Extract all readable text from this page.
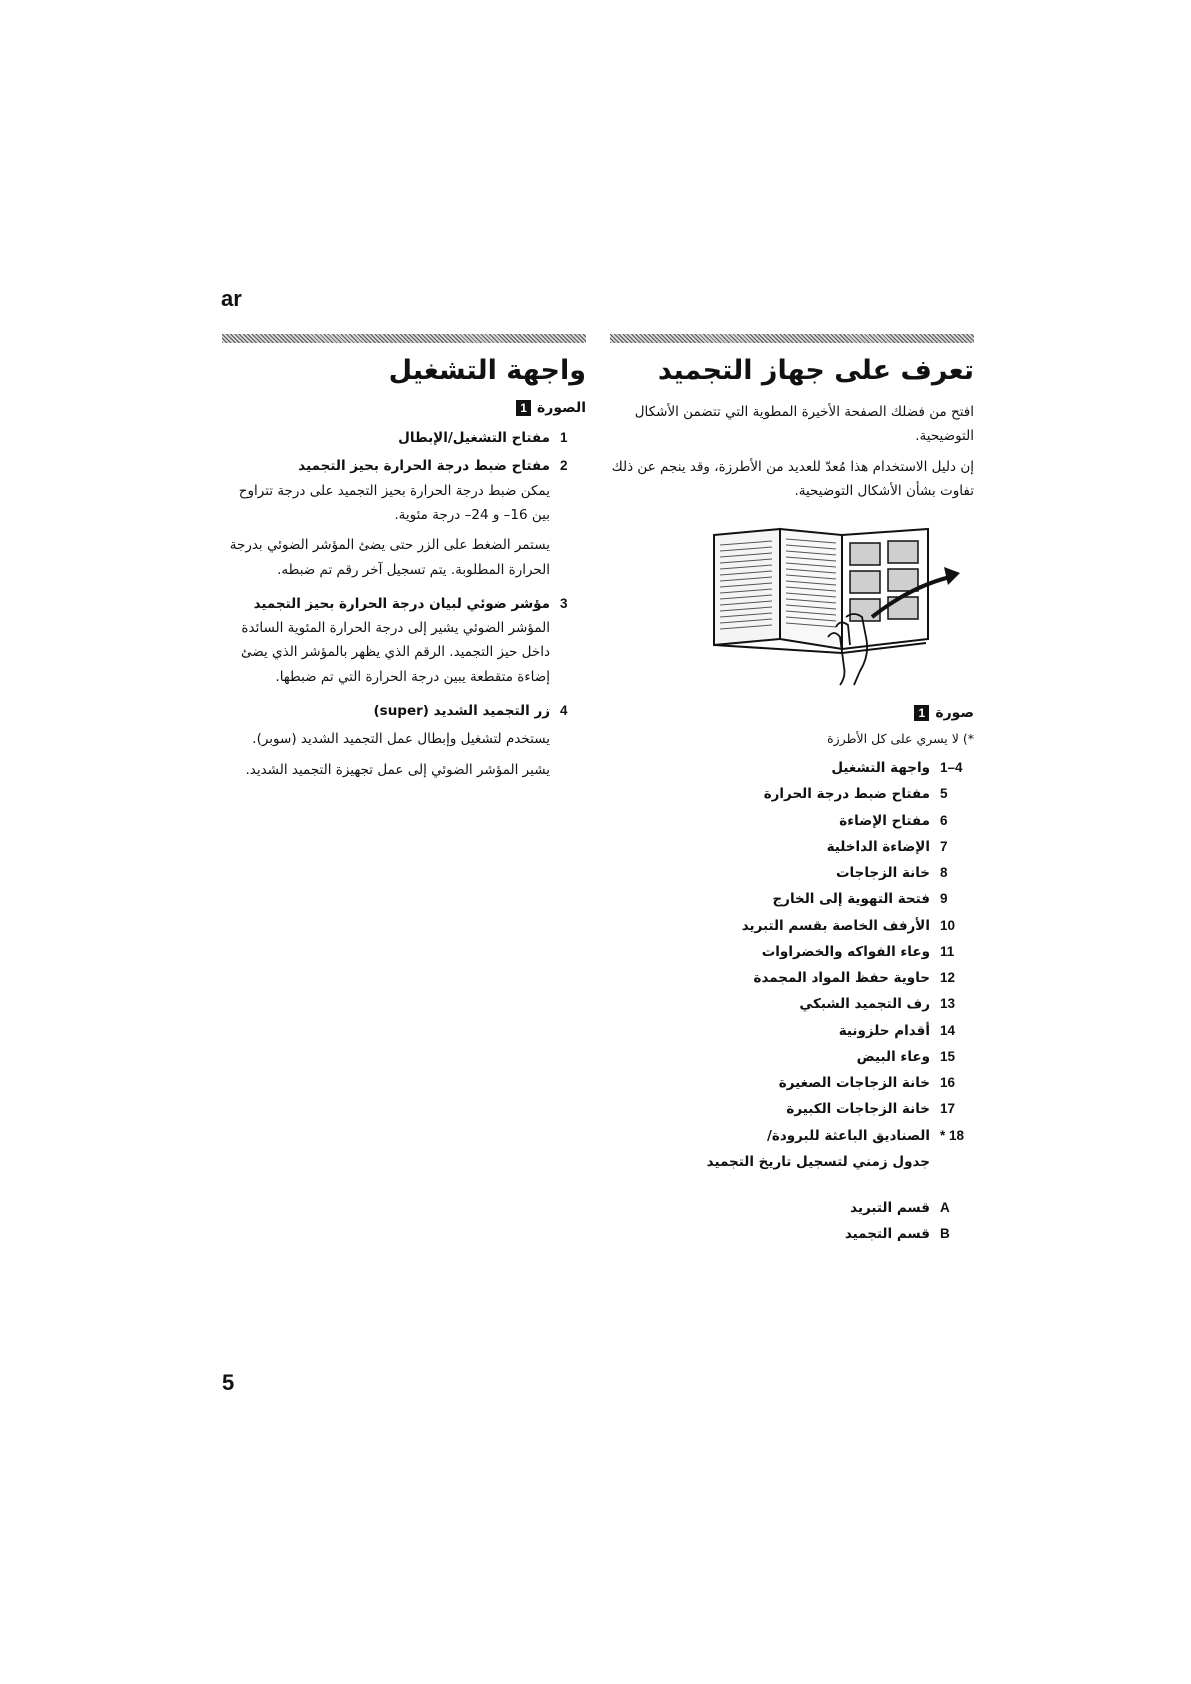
ar
تعرف على جهاز التجميد

افتح من فضلك الصفحة الأخيرة المطوية التي تتضمن الأشكال التوضيحية.

إن دليل الاستخدام هذا مُعدّ للعديد من الأطرزة، وقد ينجم عن ذلك تفاوت بشأن الأشكال التوضيحية.

صورة
1
*) لا يسري على كل الأطرزة
1–4
واجهة التشغيل
5
مفتاح ضبط درجة الحرارة
6
مفتاح الإضاءة
7
الإضاءة الداخلية
8
خانة الزجاجات
9
فتحة التهوية إلى الخارج
10
الأرفف الخاصة بقسم التبريد
11
وعاء الفواكه والخضراوات
12
حاوية حفظ المواد المجمدة
13
رف التجميد الشبكي
14
أقدام حلزونية
15
وعاء البيض
16
خانة الزجاجات الصغيرة
17
خانة الزجاجات الكبيرة
* 18
الصناديق الباعثة للبرودة/
جدول زمني لتسجيل تاريخ التجميد
A
قسم التبريد
B
قسم التجميد
واجهة التشغيل
الصورة
1
1
مفتاح التشغيل/الإبطال
2
مفتاح ضبط درجة الحرارة بحيز التجميد

يمكن ضبط درجة الحرارة بحيز التجميد على درجة تتراوح بين 16– و 24– درجة مئوية.

يستمر الضغط على الزر حتى يضئ المؤشر الضوئي بدرجة الحرارة المطلوبة. يتم تسجيل آخر رقم تم ضبطه.

3
مؤشر ضوئي لبيان درجة الحرارة بحيز التجميد

المؤشر الضوئي يشير إلى درجة الحرارة المئوية السائدة داخل حيز التجميد. الرقم الذي يظهر بالمؤشر الذي يضئ إضاءة متقطعة يبين درجة الحرارة التي تم ضبطها.

4
زر التجميد الشديد (super)

يستخدم لتشغيل وإبطال عمل التجميد الشديد (سوبر).

يشير المؤشر الضوئي إلى عمل تجهيزة التجميد الشديد.

5
